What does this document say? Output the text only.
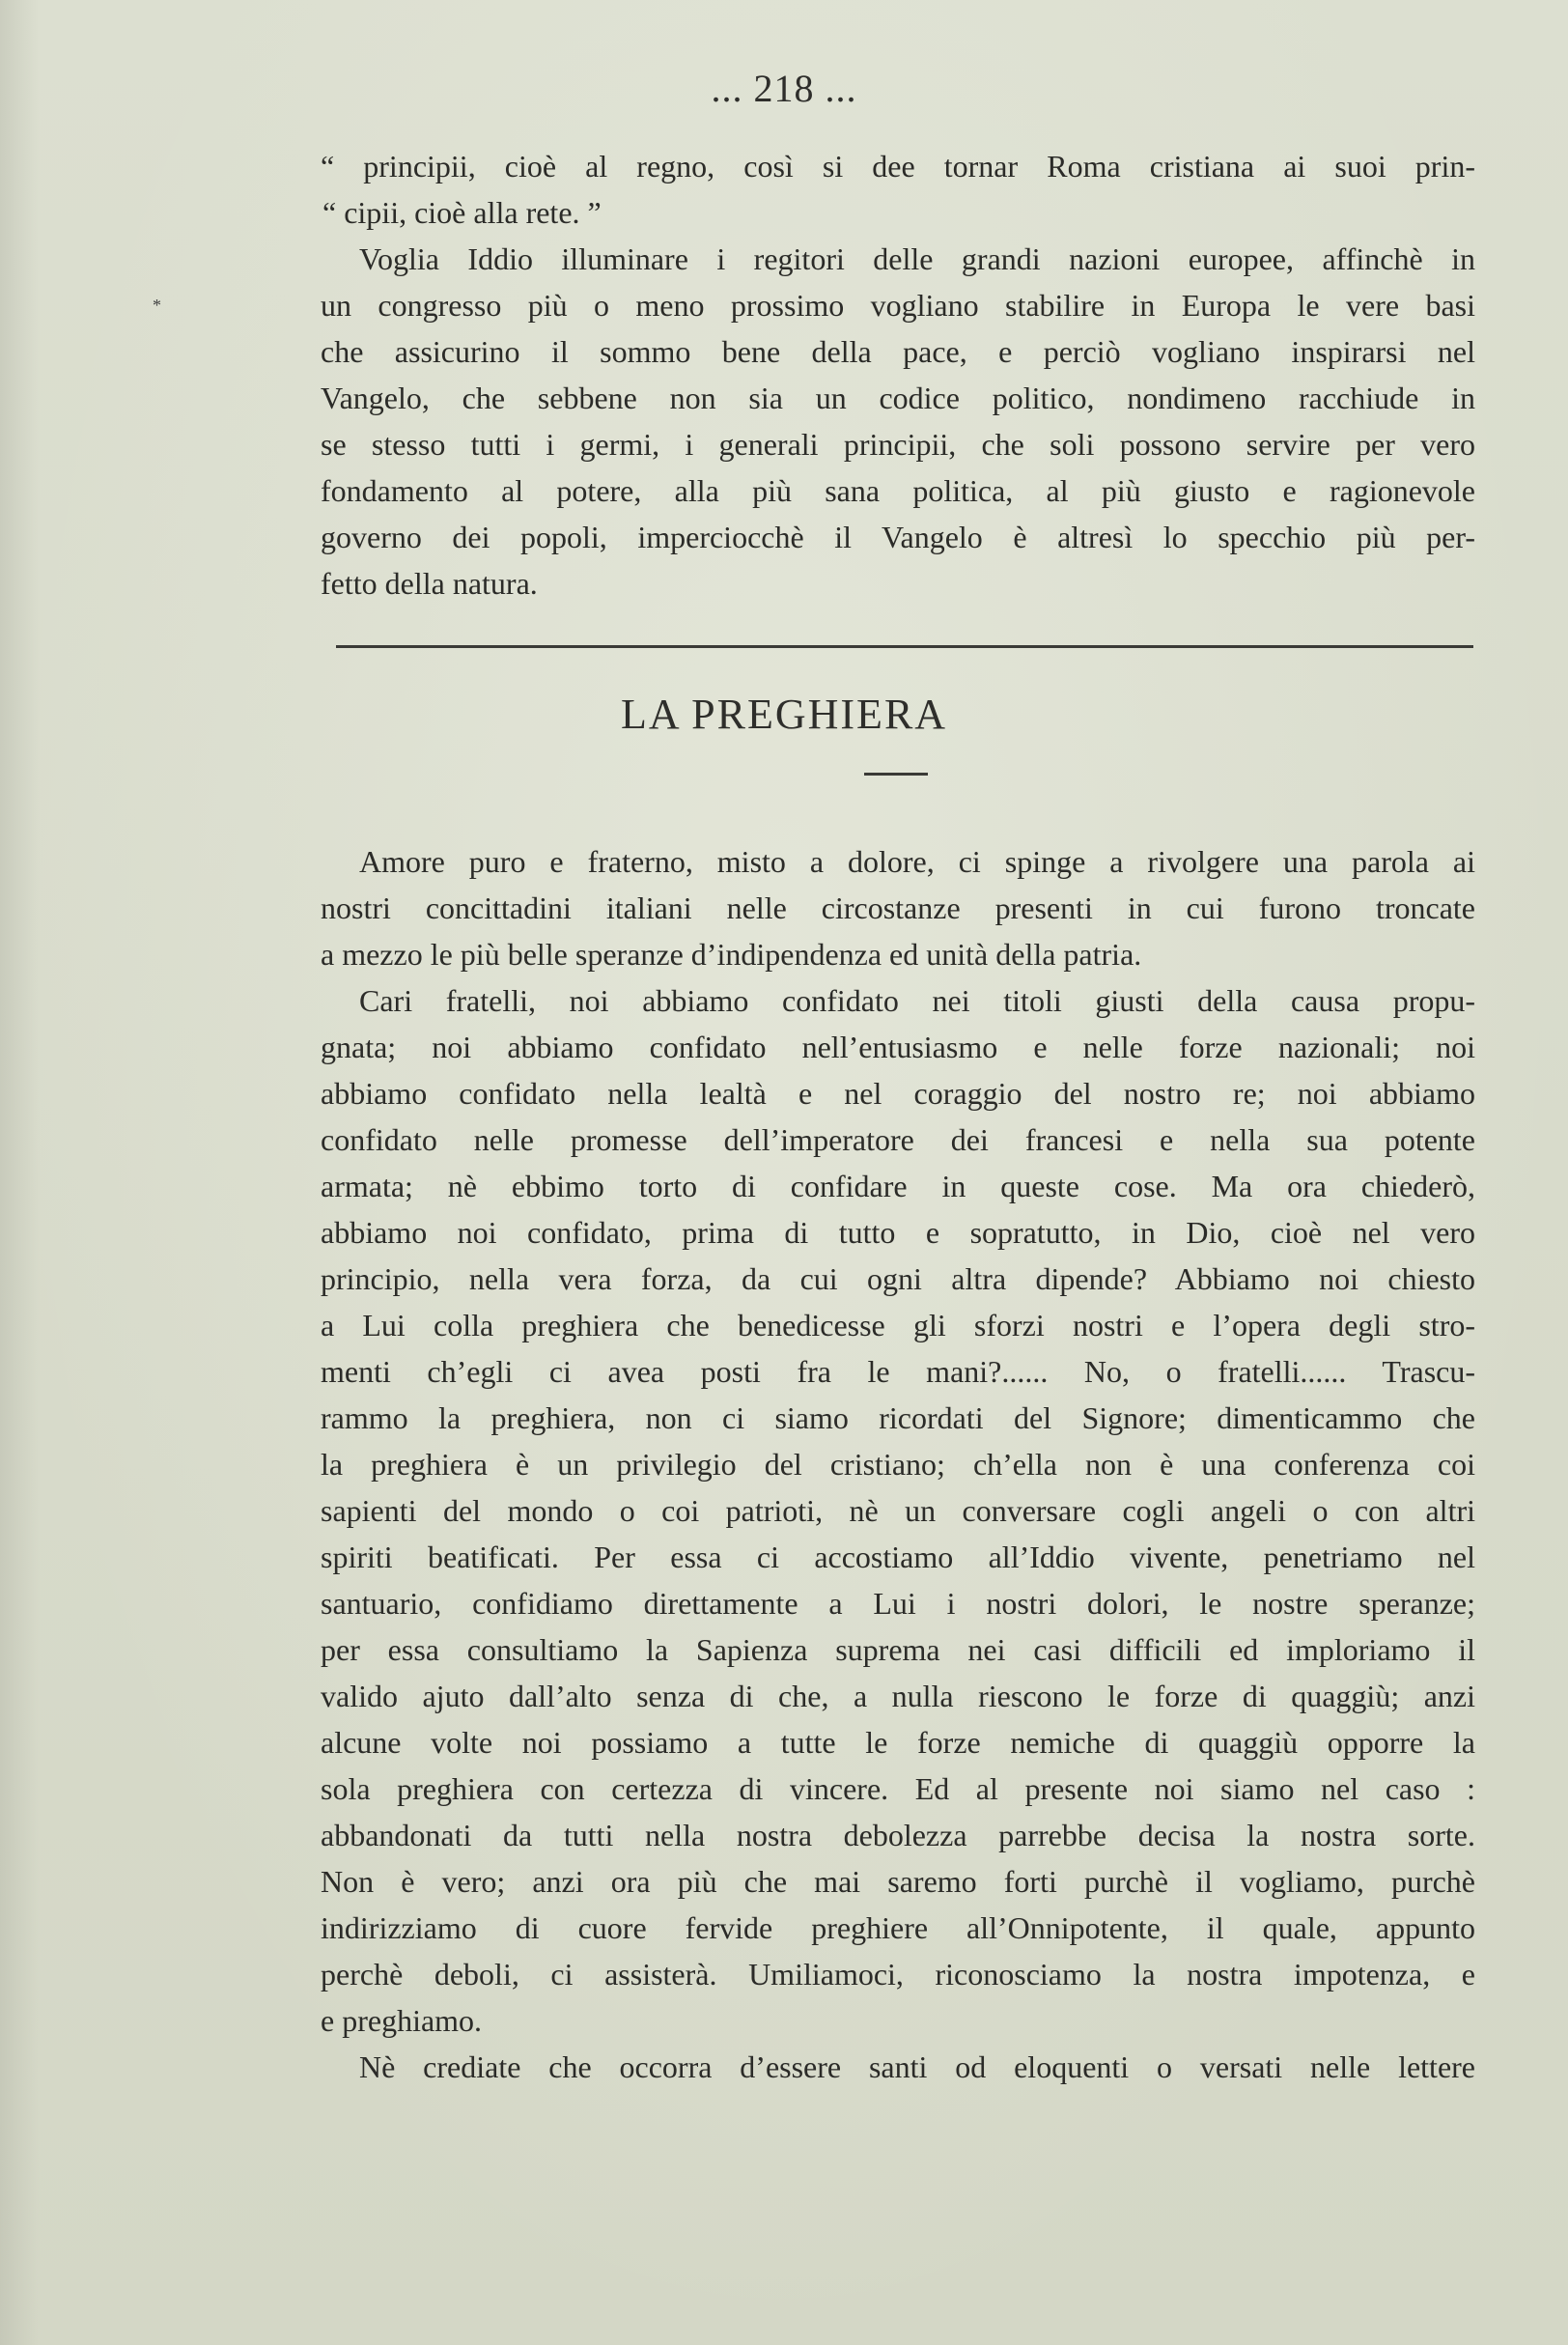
*
... 218 ...
“ principii, cioè al regno, così si dee tornar Roma cristiana ai suoi prin-
“ cipii, cioè alla rete. ”
Voglia Iddio illuminare i regitori delle grandi nazioni europee, affinchè in
un congresso più o meno prossimo vogliano stabilire in Europa le vere basi
che assicurino il sommo bene della pace, e perciò vogliano inspirarsi nel
Vangelo, che sebbene non sia un codice politico, nondimeno racchiude in
se stesso tutti i germi, i generali principii, che soli possono servire per vero
fondamento al potere, alla più sana politica, al più giusto e ragionevole
governo dei popoli, imperciocchè il Vangelo è altresì lo specchio più per-
fetto della natura.
LA PREGHIERA
Amore puro e fraterno, misto a dolore, ci spinge a rivolgere una parola ai
nostri concittadini italiani nelle circostanze presenti in cui furono troncate
a mezzo le più belle speranze d’indipendenza ed unità della patria.
Cari fratelli, noi abbiamo confidato nei titoli giusti della causa propu-
gnata; noi abbiamo confidato nell’entusiasmo e nelle forze nazionali; noi
abbiamo confidato nella lealtà e nel coraggio del nostro re; noi abbiamo
confidato nelle promesse dell’imperatore dei francesi e nella sua potente
armata; nè ebbimo torto di confidare in queste cose. Ma ora chiederò,
abbiamo noi confidato, prima di tutto e sopratutto, in Dio, cioè nel vero
principio, nella vera forza, da cui ogni altra dipende? Abbiamo noi chiesto
a Lui colla preghiera che benedicesse gli sforzi nostri e l’opera degli stro-
menti ch’egli ci avea posti fra le mani?...... No, o fratelli...... Trascu-
rammo la preghiera, non ci siamo ricordati del Signore; dimenticammo che
la preghiera è un privilegio del cristiano; ch’ella non è una conferenza coi
sapienti del mondo o coi patrioti, nè un conversare cogli angeli o con altri
spiriti beatificati. Per essa ci accostiamo all’Iddio vivente, penetriamo nel
santuario, confidiamo direttamente a Lui i nostri dolori, le nostre speranze;
per essa consultiamo la Sapienza suprema nei casi difficili ed imploriamo il
valido ajuto dall’alto senza di che, a nulla riescono le forze di quaggiù; anzi
alcune volte noi possiamo a tutte le forze nemiche di quaggiù opporre la
sola preghiera con certezza di vincere. Ed al presente noi siamo nel caso :
abbandonati da tutti nella nostra debolezza parrebbe decisa la nostra sorte.
Non è vero; anzi ora più che mai saremo forti purchè il vogliamo, purchè
indirizziamo di cuore fervide preghiere all’Onnipotente, il quale, appunto
perchè deboli, ci assisterà. Umiliamoci, riconosciamo la nostra impotenza, e
e preghiamo.
Nè crediate che occorra d’essere santi od eloquenti o versati nelle lettere
